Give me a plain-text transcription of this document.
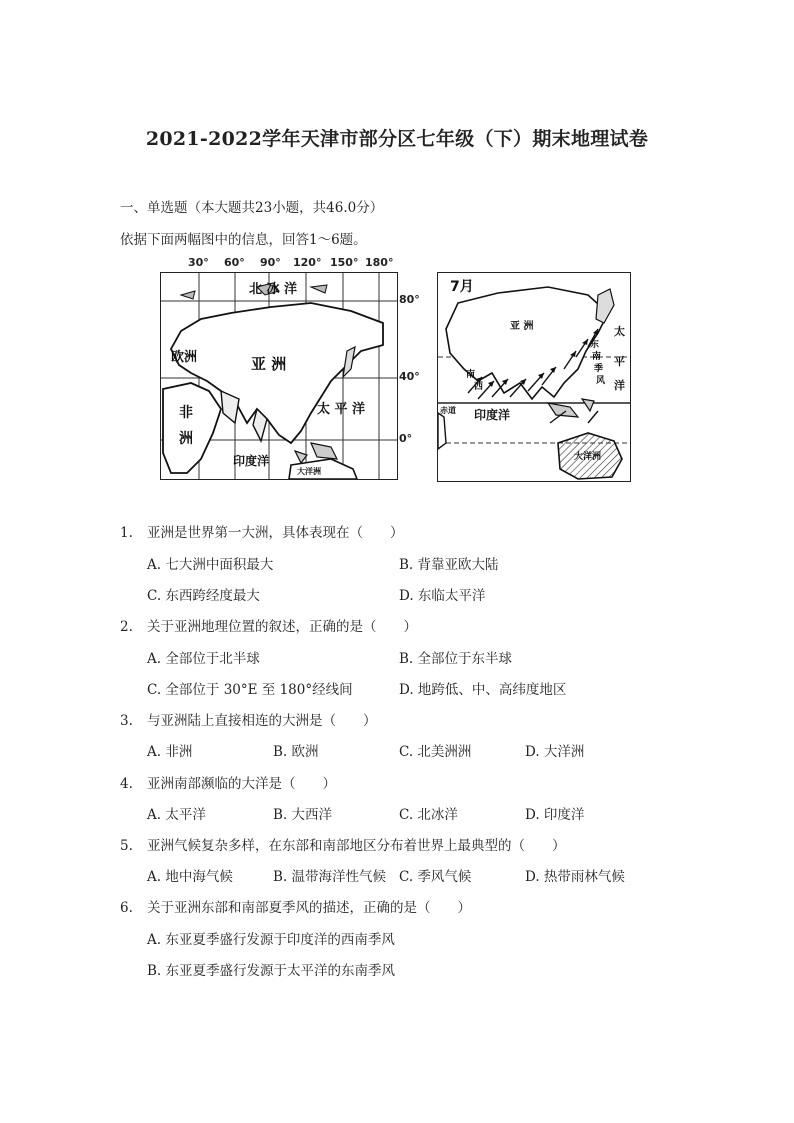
2021-2022学年天津市部分区七年级（下）期末地理试卷
一、单选题（本大题共23小题，共46.0分）
依据下面两幅图中的信息，回答1～6题。
北 冰 洋
欧洲	亚 洲
非
洲
太 平 洋
印度洋
大洋洲
30° 60° 90° 120° 150° 180°
80°
40°
0°
7月
亚 洲
东
南
季
风
南
西
太
平
洋
赤道 印度洋
大洋洲
1. 亚洲是世界第一大洲，具体表现在（　　）
A. 七大洲中面积最大	B. 背靠亚欧大陆
C. 东西跨经度最大	D. 东临太平洋
2. 关于亚洲地理位置的叙述，正确的是（　　）
A. 全部位于北半球	B. 全部位于东半球
C. 全部位于 30°E 至 180°经线间	D. 地跨低、中、高纬度地区
3. 与亚洲陆上直接相连的大洲是（　　）
A. 非洲	B. 欧洲	C. 北美洲洲	D. 大洋洲
4. 亚洲南部濒临的大洋是（　　）
A. 太平洋	B. 大西洋	C. 北冰洋	D. 印度洋
5. 亚洲气候复杂多样，在东部和南部地区分布着世界上最典型的（　　）
A. 地中海气候	B. 温带海洋性气候 C. 季风气候	D. 热带雨林气候
6. 关于亚洲东部和南部夏季风的描述，正确的是（　　）
A. 东亚夏季盛行发源于印度洋的西南季风
B. 东亚夏季盛行发源于太平洋的东南季风
